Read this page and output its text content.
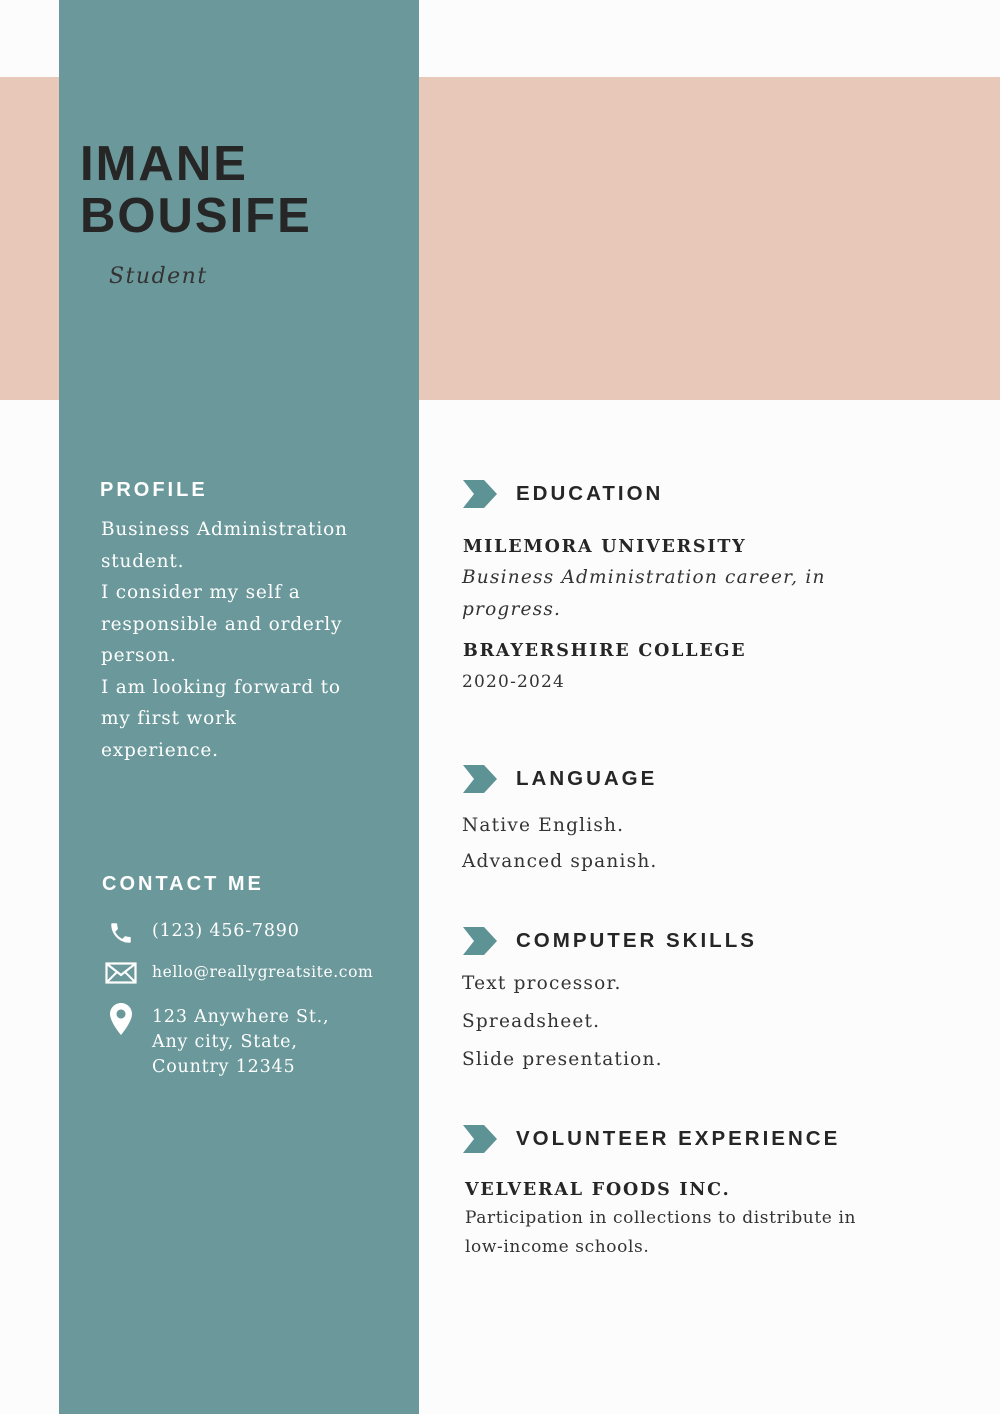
IMANE
BOUSIFE
Student
PROFILE
Business Administration
student.
I consider my self a
responsible and orderly
person.
I am looking forward to
my first work
experience.
CONTACT ME
(123) 456-7890
hello@reallygreatsite.com
123 Anywhere St.,
Any city, State,
Country 12345
EDUCATION
MILEMORA UNIVERSITY
Business Administration career, in progress.
BRAYERSHIRE COLLEGE
2020-2024
LANGUAGE
Native English.
Advanced spanish.
COMPUTER SKILLS
Text processor.
Spreadsheet.
Slide presentation.
VOLUNTEER EXPERIENCE
VELVERAL FOODS INC.
Participation in collections to distribute in low-income schools.
